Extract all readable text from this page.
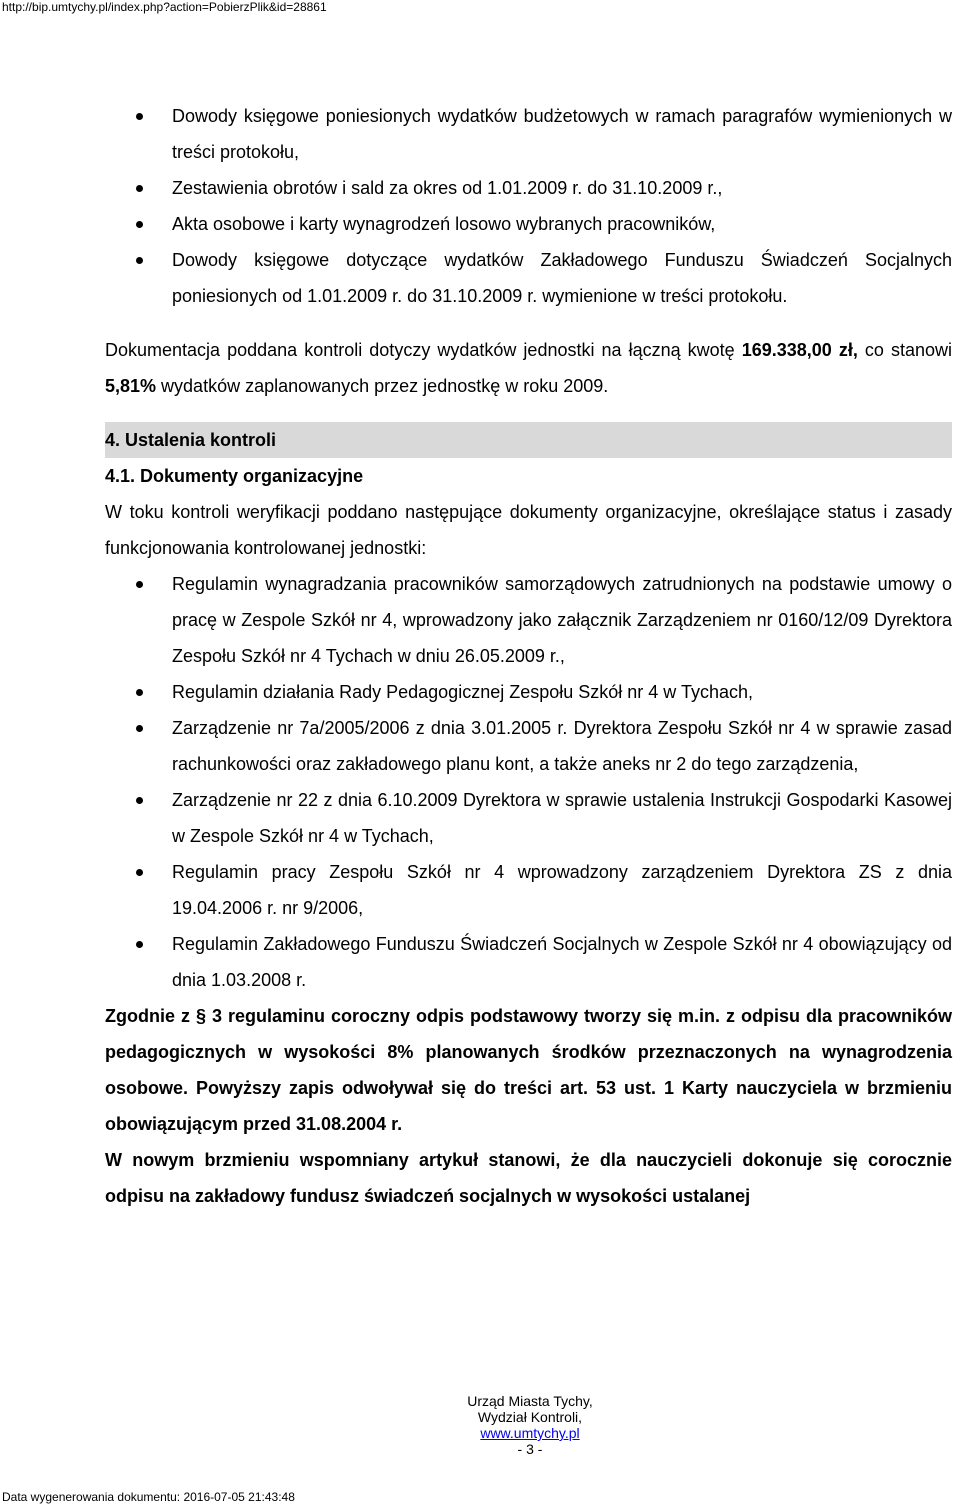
http://bip.umtychy.pl/index.php?action=PobierzPlik&id=28861
Dowody księgowe poniesionych wydatków budżetowych w ramach paragrafów wymienionych w treści protokołu,
Zestawienia obrotów i sald za okres od 1.01.2009 r. do 31.10.2009 r.,
Akta osobowe i karty wynagrodzeń losowo wybranych pracowników,
Dowody księgowe dotyczące wydatków Zakładowego Funduszu Świadczeń Socjalnych poniesionych od 1.01.2009 r. do 31.10.2009 r. wymienione w treści protokołu.

Dokumentacja poddana kontroli dotyczy wydatków jednostki na łączną kwotę 169.338,00 zł, co stanowi 5,81% wydatków zaplanowanych przez jednostkę w roku 2009.

4. Ustalenia kontroli
4.1. Dokumenty organizacyjne

W toku kontroli weryfikacji poddano następujące dokumenty organizacyjne, określające status i zasady funkcjonowania kontrolowanej jednostki:

Regulamin wynagradzania pracowników samorządowych zatrudnionych na podstawie umowy o pracę w Zespole Szkół nr 4, wprowadzony jako załącznik Zarządzeniem nr 0160/12/09 Dyrektora Zespołu Szkół nr 4 Tychach w dniu 26.05.2009 r.,
Regulamin działania Rady Pedagogicznej Zespołu Szkół nr 4 w Tychach,
Zarządzenie nr 7a/2005/2006 z dnia 3.01.2005 r. Dyrektora Zespołu Szkół nr 4 w sprawie zasad rachunkowości oraz zakładowego planu kont, a także aneks nr 2 do tego zarządzenia,
Zarządzenie nr 22 z dnia 6.10.2009 Dyrektora w sprawie ustalenia Instrukcji Gospodarki Kasowej w Zespole Szkół nr 4 w Tychach,
Regulamin pracy Zespołu Szkół nr 4 wprowadzony zarządzeniem Dyrektora ZS z dnia 19.04.2006 r. nr 9/2006,
Regulamin Zakładowego Funduszu Świadczeń Socjalnych w Zespole Szkół nr 4 obowiązujący od dnia 1.03.2008 r.

Zgodnie z § 3 regulaminu coroczny odpis podstawowy tworzy się m.in. z odpisu dla pracowników pedagogicznych w wysokości 8% planowanych środków przeznaczonych na wynagrodzenia osobowe. Powyższy zapis odwoływał się do treści art. 53 ust. 1 Karty nauczyciela w brzmieniu obowiązującym przed 31.08.2004 r.

W nowym brzmieniu wspomniany artykuł stanowi, że dla nauczycieli dokonuje się corocznie odpisu na zakładowy fundusz świadczeń socjalnych w wysokości ustalanej

Urząd Miasta Tychy,
Wydział Kontroli,
www.umtychy.pl
- 3 -
Data wygenerowania dokumentu: 2016-07-05 21:43:48
